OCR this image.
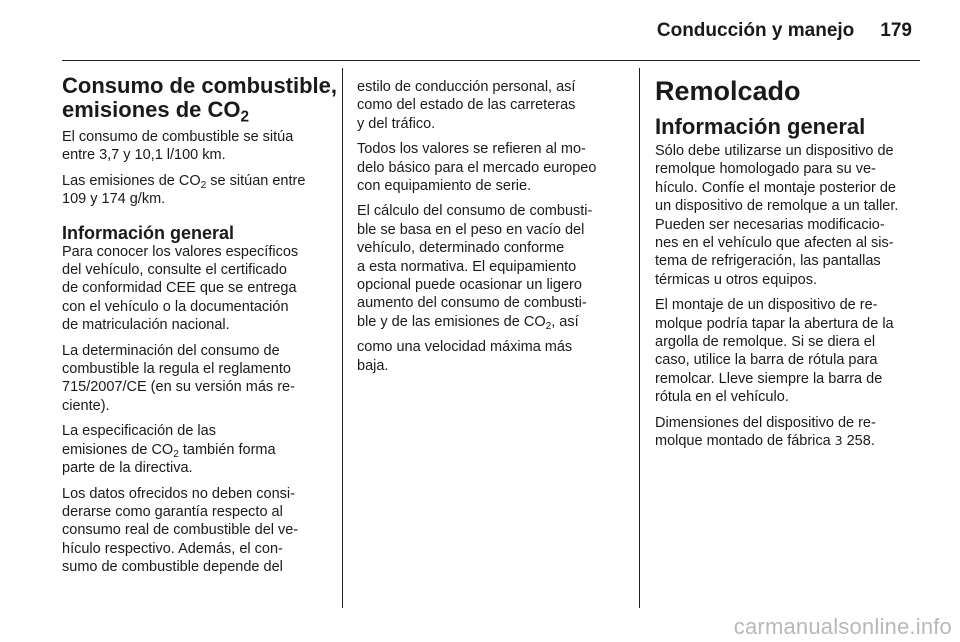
Conducción y manejo 179
Consumo de combustible,
emisiones de $CO_2$

El consumo de combustible se sitúa
entre 3,7 y 10,1 l/100 km.

Las emisiones de $CO_2$ se sitúan entre
109 y 174 g/km.

Información general

Para conocer los valores específicos
del vehículo, consulte el certificado
de conformidad CEE que se entrega
con el vehículo o la documentación
de matriculación nacional.

La determinación del consumo de
combustible la regula el reglamento
715/2007/CE (en su versión más re-
ciente).

La especificación de las
emisiones de $CO_2$ también forma
parte de la directiva.

Los datos ofrecidos no deben consi-
derarse como garantía respecto al
consumo real de combustible del ve-
hículo respectivo. Además, el con-
sumo de combustible depende del

estilo de conducción personal, así
como del estado de las carreteras
y del tráfico.

Todos los valores se refieren al mo-
delo básico para el mercado europeo
con equipamiento de serie.

El cálculo del consumo de combusti-
ble se basa en el peso en vacío del
vehículo, determinado conforme
a esta normativa. El equipamiento
opcional puede ocasionar un ligero
aumento del consumo de combusti-
ble y de las emisiones de $CO_2$, así

como una velocidad máxima más
baja.

Remolcado
Información general

Sólo debe utilizarse un dispositivo de
remolque homologado para su ve-
hículo. Confíe el montaje posterior de
un dispositivo de remolque a un taller.
Pueden ser necesarias modificacio-
nes en el vehículo que afecten al sis-
tema de refrigeración, las pantallas
térmicas u otros equipos.

El montaje de un dispositivo de re-
molque podría tapar la abertura de la
argolla de remolque. Si se diera el
caso, utilice la barra de rótula para
remolcar. Lleve siempre la barra de
rótula en el vehículo.

Dimensiones del dispositivo de re-
molque montado de fábrica 3 258.

carmanualsonline.info
